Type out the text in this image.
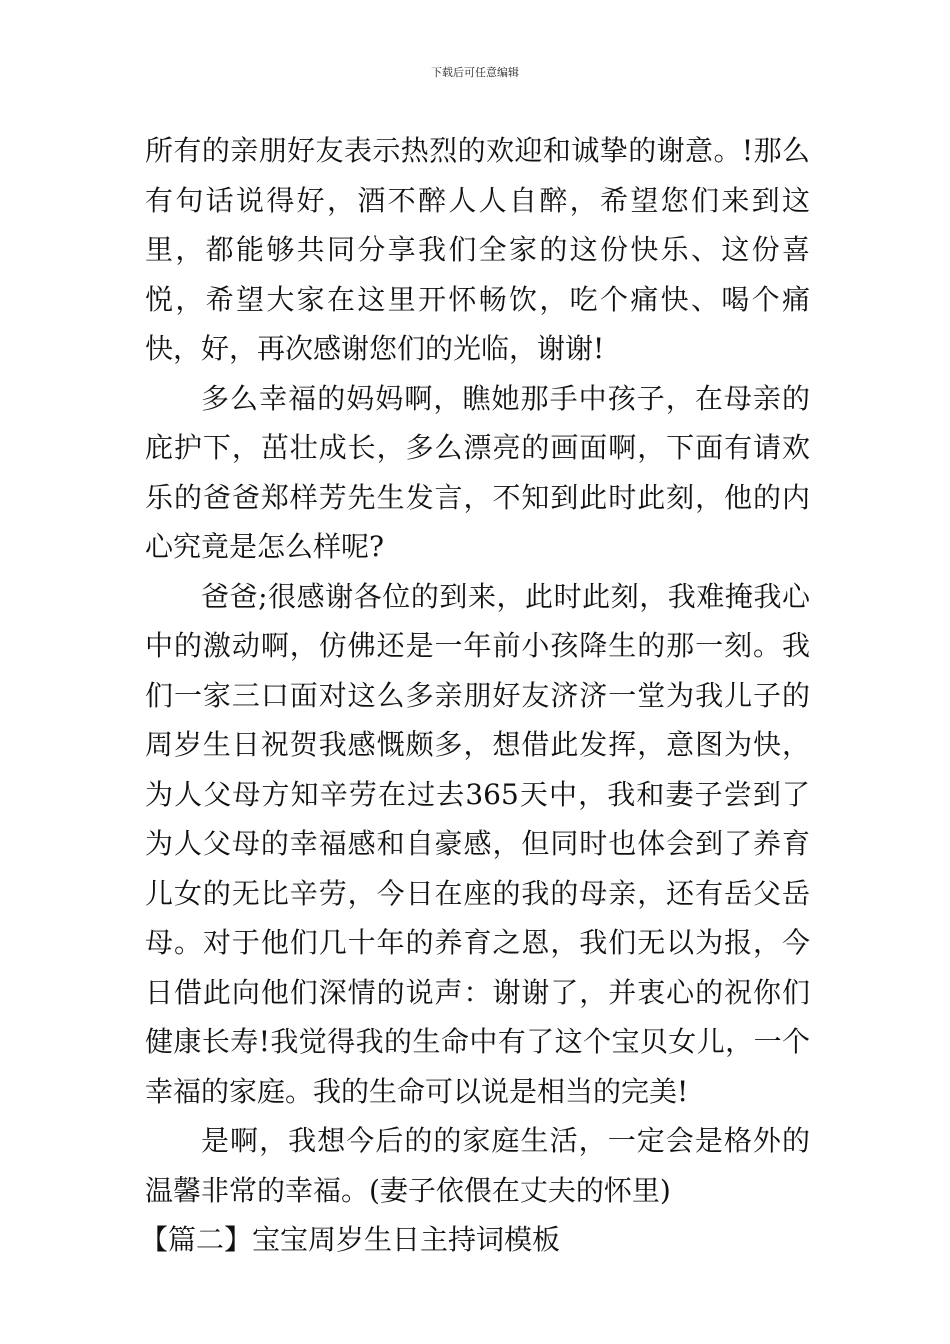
下载后可任意编辑

所有的亲朋好友表示热烈的欢迎和诚挚的谢意。!那么有句话说得好，酒不醉人人自醉，希望您们来到这里，都能够共同分享我们全家的这份快乐、这份喜悦，希望大家在这里开怀畅饮，吃个痛快、喝个痛快，好，再次感谢您们的光临，谢谢!

多么幸福的妈妈啊，瞧她那手中孩子，在母亲的庇护下，茁壮成长，多么漂亮的画面啊，下面有请欢乐的爸爸郑样芳先生发言，不知到此时此刻，他的内心究竟是怎么样呢?

爸爸;很感谢各位的到来，此时此刻，我难掩我心中的激动啊，仿佛还是一年前小孩降生的那一刻。我们一家三口面对这么多亲朋好友济济一堂为我儿子的周岁生日祝贺我感慨颇多，想借此发挥，意图为快，为人父母方知辛劳在过去365天中，我和妻子尝到了为人父母的幸福感和自豪感，但同时也体会到了养育儿女的无比辛劳，今日在座的我的母亲，还有岳父岳母。对于他们几十年的养育之恩，我们无以为报，今日借此向他们深情的说声：谢谢了，并衷心的祝你们健康长寿!我觉得我的生命中有了这个宝贝女儿，一个幸福的家庭。我的生命可以说是相当的完美!

是啊，我想今后的的家庭生活，一定会是格外的温馨非常的幸福。(妻子依偎在丈夫的怀里)

【篇二】宝宝周岁生日主持词模板
